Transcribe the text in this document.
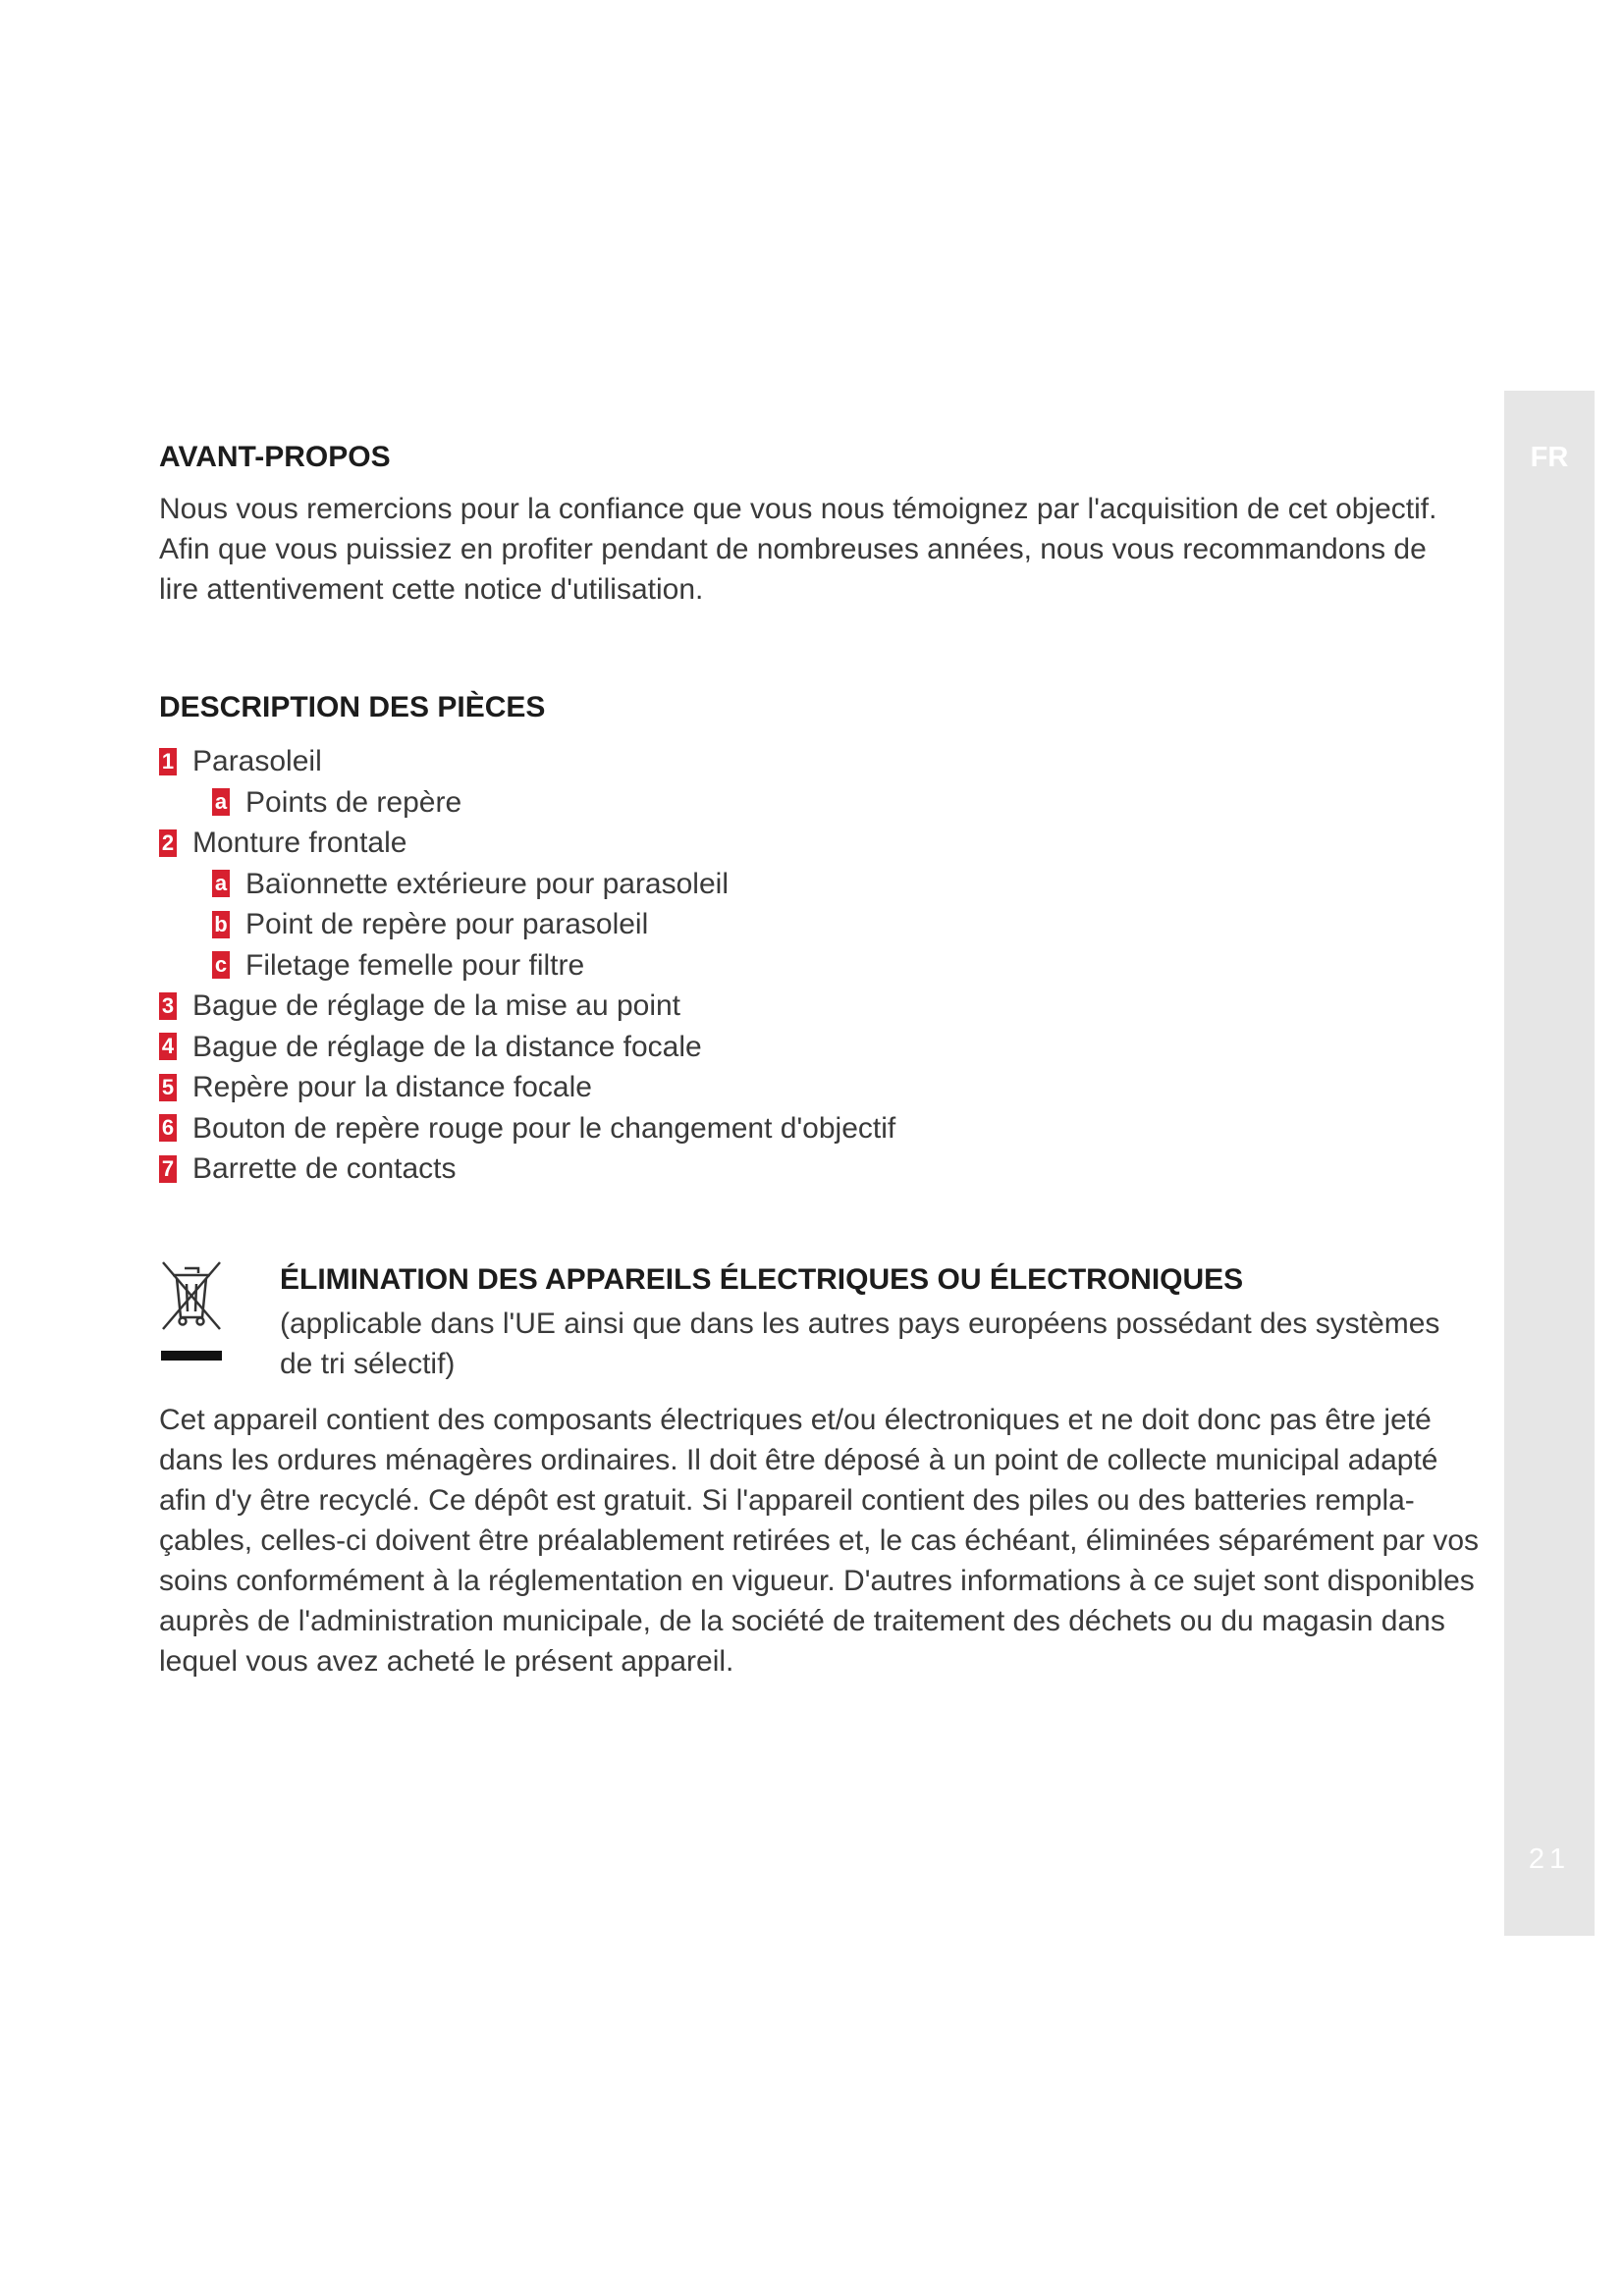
FR
21
AVANT-PROPOS

Nous vous remercions pour la confiance que vous nous témoignez par l'acquisition de cet objectif. Afin que vous puissiez en profiter pendant de nombreuses années, nous vous recommandons de lire attentivement cette notice d'utilisation.

DESCRIPTION DES PIÈCES
1 Parasoleil
a Points de repère
2 Monture frontale
a Baïonnette extérieure pour parasoleil
b Point de repère pour parasoleil
c Filetage femelle pour filtre
3 Bague de réglage de la mise au point
4 Bague de réglage de la distance focale
5 Repère pour la distance focale
6 Bouton de repère rouge pour le changement d'objectif
7 Barrette de contacts
ÉLIMINATION DES APPAREILS ÉLECTRIQUES OU ÉLECTRONIQUES

(applicable dans l'UE ainsi que dans les autres pays européens possédant des systèmes de tri sélectif)

Cet appareil contient des composants électriques et/ou électroniques et ne doit donc pas être jeté dans les ordures ménagères ordinaires. Il doit être déposé à un point de collecte municipal adapté afin d'y être recyclé. Ce dépôt est gratuit. Si l'appareil contient des piles ou des batteries rempla-çables, celles-ci doivent être préalablement retirées et, le cas échéant, éliminées séparément par vos soins conformément à la réglementation en vigueur. D'autres informations à ce sujet sont disponibles auprès de l'administration municipale, de la société de traitement des déchets ou du magasin dans lequel vous avez acheté le présent appareil.
